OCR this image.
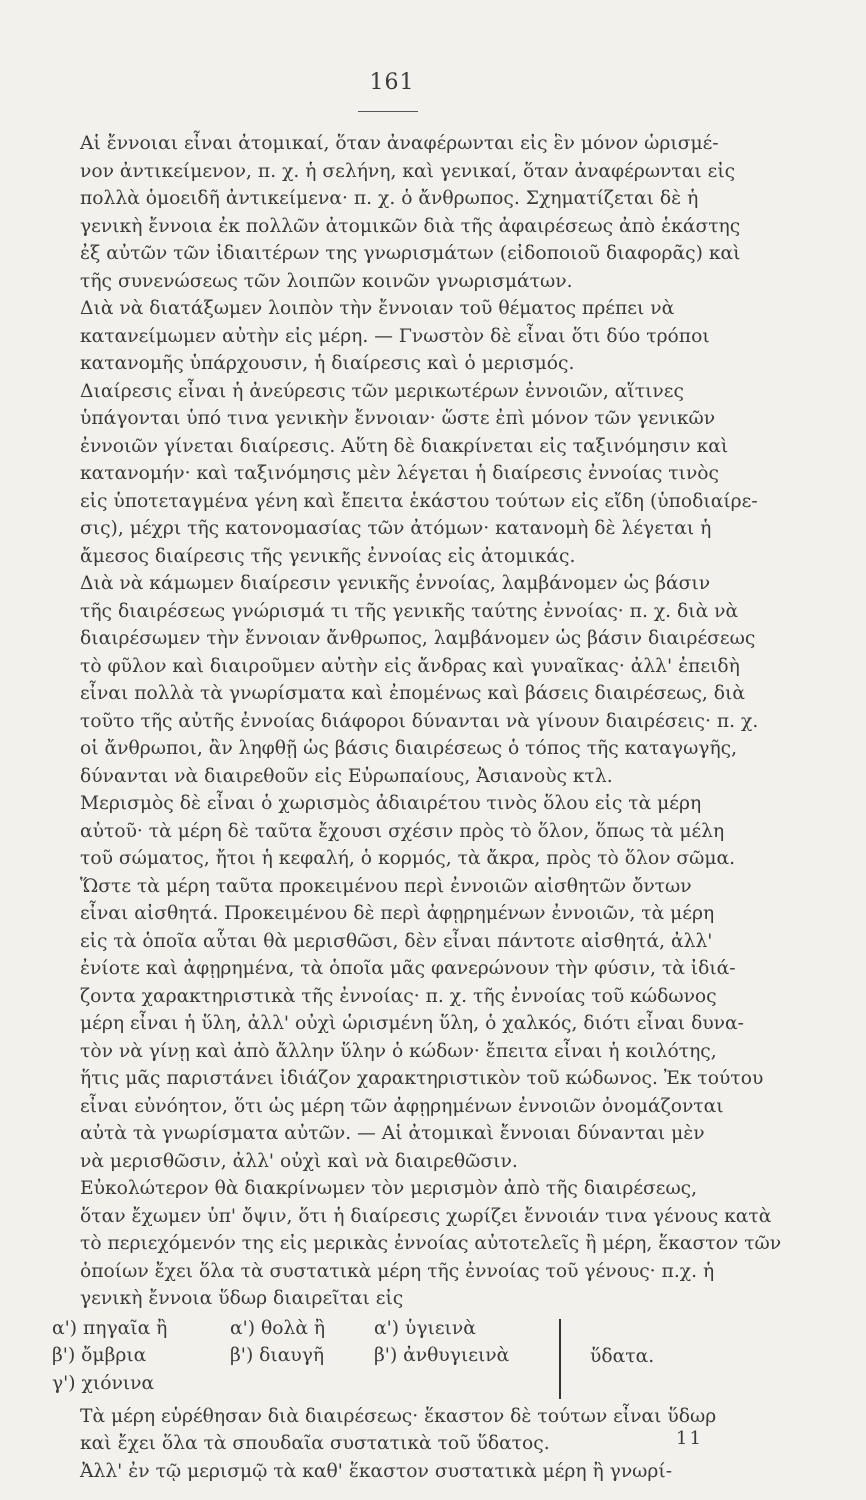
161

Αἱ ἔννοιαι εἶναι ἀτομικαί, ὅταν ἀναφέρωνται εἰς ἓν μόνον ὡρισμέ-
νον ἀντικείμενον, π. χ. ἡ σελήνη, καὶ γενικαί, ὅταν ἀναφέρωνται εἰς
πολλὰ ὁμοειδῆ ἀντικείμενα· π. χ. ὁ ἄνθρωπος. Σχηματίζεται δὲ ἡ
γενικὴ ἔννοια ἐκ πολλῶν ἀτομικῶν διὰ τῆς ἀφαιρέσεως ἀπὸ ἑκάστης
ἐξ αὐτῶν τῶν ἰδιαιτέρων της γνωρισμάτων (εἰδοποιοῦ διαφορᾶς) καὶ
τῆς συνενώσεως τῶν λοιπῶν κοινῶν γνωρισμάτων.

Διὰ νὰ διατάξωμεν λοιπὸν τὴν ἔννοιαν τοῦ θέματος πρέπει νὰ
κατανείμωμεν αὐτὴν εἰς μέρη. — Γνωστὸν δὲ εἶναι ὅτι δύο τρόποι
κατανομῆς ὑπάρχουσιν, ἡ διαίρεσις καὶ ὁ μερισμός.

Διαίρεσις εἶναι ἡ ἀνεύρεσις τῶν μερικωτέρων ἐννοιῶν, αἵτινες
ὑπάγονται ὑπό τινα γενικὴν ἔννοιαν· ὥστε ἐπὶ μόνον τῶν γενικῶν
ἐννοιῶν γίνεται διαίρεσις. Αὕτη δὲ διακρίνεται εἰς ταξινόμησιν καὶ
κατανομήν· καὶ ταξινόμησις μὲν λέγεται ἡ διαίρεσις ἐννοίας τινὸς
εἰς ὑποτεταγμένα γένη καὶ ἔπειτα ἑκάστου τούτων εἰς εἴδη (ὑποδιαίρε-
σις), μέχρι τῆς κατονομασίας τῶν ἀτόμων· κατανομὴ δὲ λέγεται ἡ
ἄμεσος διαίρεσις τῆς γενικῆς ἐννοίας εἰς ἀτομικάς.

Διὰ νὰ κάμωμεν διαίρεσιν γενικῆς ἐννοίας, λαμβάνομεν ὡς βάσιν
τῆς διαιρέσεως γνώρισμά τι τῆς γενικῆς ταύτης ἐννοίας· π. χ. διὰ νὰ
διαιρέσωμεν τὴν ἔννοιαν ἄνθρωπος, λαμβάνομεν ὡς βάσιν διαιρέσεως
τὸ φῦλον καὶ διαιροῦμεν αὐτὴν εἰς ἄνδρας καὶ γυναῖκας· ἀλλ' ἐπειδὴ
εἶναι πολλὰ τὰ γνωρίσματα καὶ ἐπομένως καὶ βάσεις διαιρέσεως, διὰ
τοῦτο τῆς αὐτῆς ἐννοίας διάφοροι δύνανται νὰ γίνουν διαιρέσεις· π. χ.
οἱ ἄνθρωποι, ἂν ληφθῇ ὡς βάσις διαιρέσεως ὁ τόπος τῆς καταγωγῆς,
δύνανται νὰ διαιρεθοῦν εἰς Εὐρωπαίους, Ἀσιανοὺς κτλ.

Μερισμὸς δὲ εἶναι ὁ χωρισμὸς ἀδιαιρέτου τινὸς ὅλου εἰς τὰ μέρη
αὐτοῦ· τὰ μέρη δὲ ταῦτα ἔχουσι σχέσιν πρὸς τὸ ὅλον, ὅπως τὰ μέλη
τοῦ σώματος, ἤτοι ἡ κεφαλή, ὁ κορμός, τὰ ἄκρα, πρὸς τὸ ὅλον σῶμα.
Ὥστε τὰ μέρη ταῦτα προκειμένου περὶ ἐννοιῶν αἰσθητῶν ὄντων
εἶναι αἰσθητά. Προκειμένου δὲ περὶ ἀφῃρημένων ἐννοιῶν, τὰ μέρη
εἰς τὰ ὁποῖα αὗται θὰ μερισθῶσι, δὲν εἶναι πάντοτε αἰσθητά, ἀλλ'
ἐνίοτε καὶ ἀφῃρημένα, τὰ ὁποῖα μᾶς φανερώνουν τὴν φύσιν, τὰ ἰδιά-
ζοντα χαρακτηριστικὰ τῆς ἐννοίας· π. χ. τῆς ἐννοίας τοῦ κώδωνος
μέρη εἶναι ἡ ὕλη, ἀλλ' οὐχὶ ὡρισμένη ὕλη, ὁ χαλκός, διότι εἶναι δυνα-
τὸν νὰ γίνῃ καὶ ἀπὸ ἄλλην ὕλην ὁ κώδων· ἔπειτα εἶναι ἡ κοιλότης,
ἥτις μᾶς παριστάνει ἰδιάζον χαρακτηριστικὸν τοῦ κώδωνος. Ἐκ τούτου
εἶναι εὐνόητον, ὅτι ὡς μέρη τῶν ἀφῃρημένων ἐννοιῶν ὀνομάζονται
αὐτὰ τὰ γνωρίσματα αὐτῶν. — Αἱ ἀτομικαὶ ἔννοιαι δύνανται μὲν
νὰ μερισθῶσιν, ἀλλ' οὐχὶ καὶ νὰ διαιρεθῶσιν.

Εὐκολώτερον θὰ διακρίνωμεν τὸν μερισμὸν ἀπὸ τῆς διαιρέσεως,
ὅταν ἔχωμεν ὑπ' ὄψιν, ὅτι ἡ διαίρεσις χωρίζει ἔννοιάν τινα γένους κατὰ
τὸ περιεχόμενόν της εἰς μερικὰς ἐννοίας αὐτοτελεῖς ἢ μέρη, ἕκαστον τῶν
ὁποίων ἔχει ὅλα τὰ συστατικὰ μέρη τῆς ἐννοίας τοῦ γένους· π.χ. ἡ
γενικὴ ἔννοια ὕδωρ διαιρεῖται εἰς

α') πηγαῖα ἢ
β') ὄμβρια
γ') χιόνινα
α') θολὰ ἢ
β') διαυγῆ
α') ὑγιεινὰ
β') ἀνθυγιεινὰ	ὕδατα.

Τὰ μέρη εὑρέθησαν διὰ διαιρέσεως· ἕκαστον δὲ τούτων εἶναι ὕδωρ
καὶ ἔχει ὅλα τὰ σπουδαῖα συστατικὰ τοῦ ὕδατος.

Ἀλλ' ἐν τῷ μερισμῷ τὰ καθ' ἕκαστον συστατικὰ μέρη ἢ γνωρί-

11
